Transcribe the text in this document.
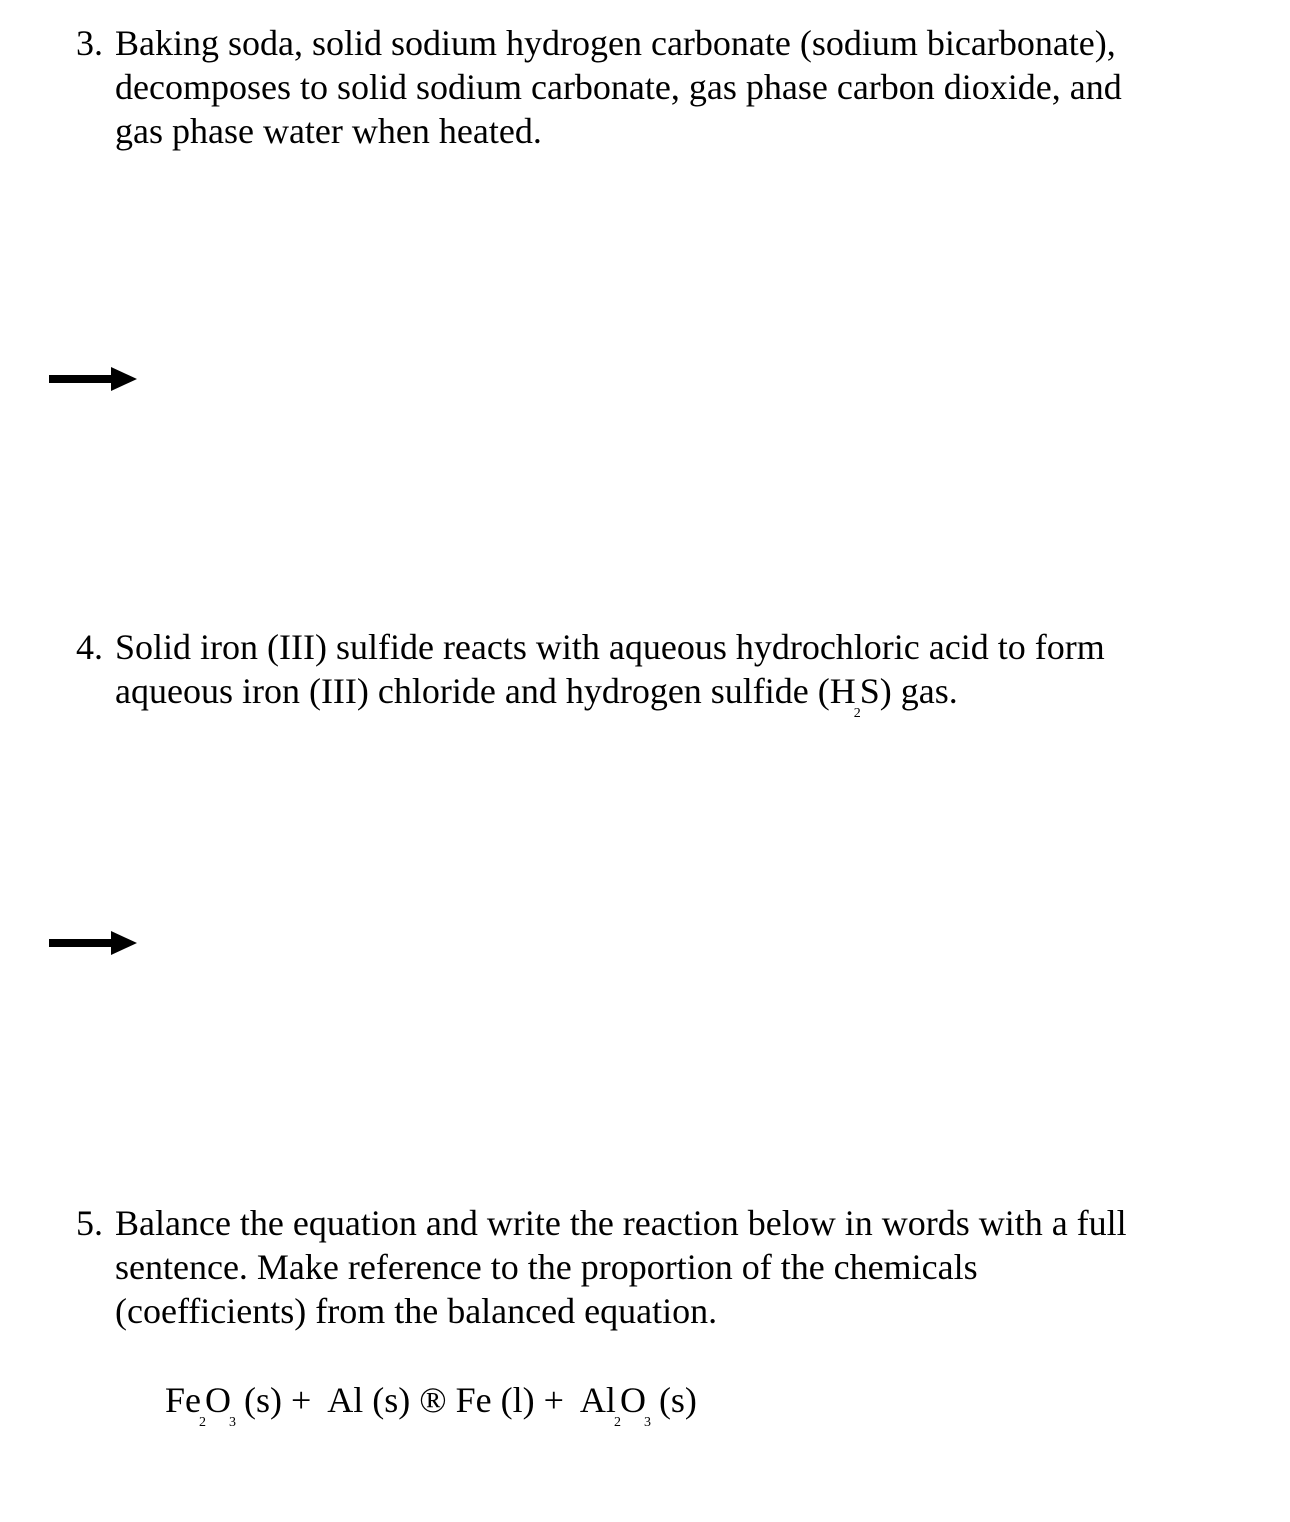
3. Baking soda, solid sodium hydrogen carbonate (sodium bicarbonate),
decomposes to solid sodium carbonate, gas phase carbon dioxide, and
gas phase water when heated.
4. Solid iron (III) sulfide reacts with aqueous hydrochloric acid to form
aqueous iron (III) chloride and hydrogen sulfide $(H_2S)$ gas.
5. Balance the equation and write the reaction below in words with a full
sentence. Make reference to the proportion of the chemicals
(coefficients) from the balanced equation.
$Fe_2O_3$ (s) +  Al (s) ® Fe $(l) + Al_2O_3$ (s)
